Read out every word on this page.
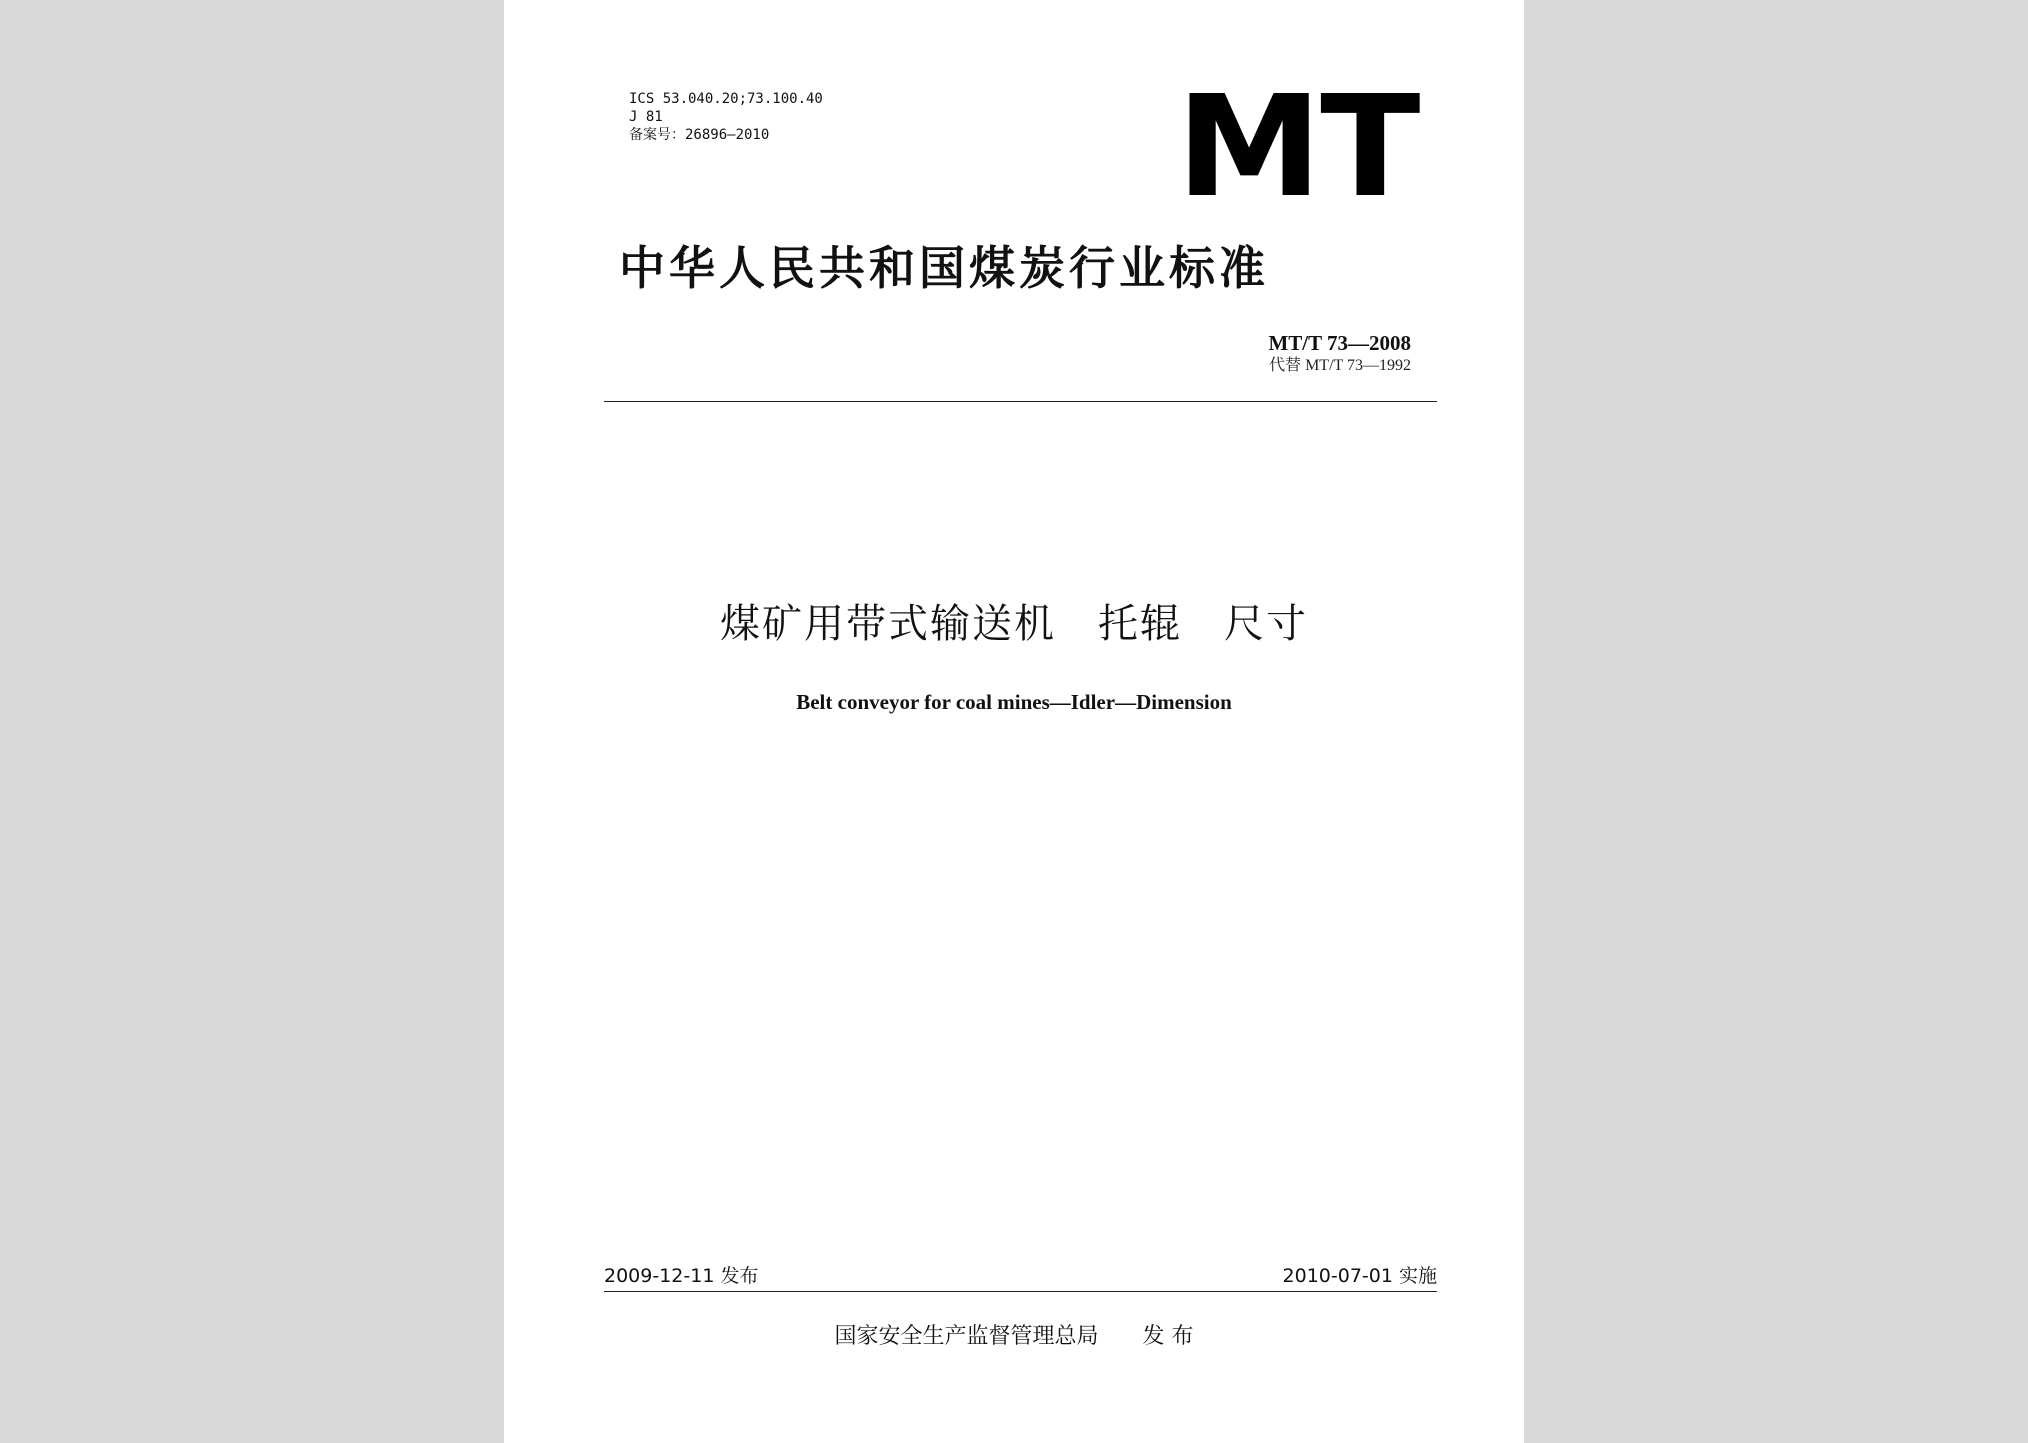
ICS 53.040.20;73.100.40
J 81
备案号：26896—2010	MT
中华人民共和国煤炭行业标准
MT/T 73—2008
代替 MT/T 73—1992
煤矿用带式输送机　托辊　尺寸
Belt conveyor for coal mines—Idler—Dimension
2009-12-11 发布	2010-07-01 实施
国家安全生产监督管理总局 发 布
